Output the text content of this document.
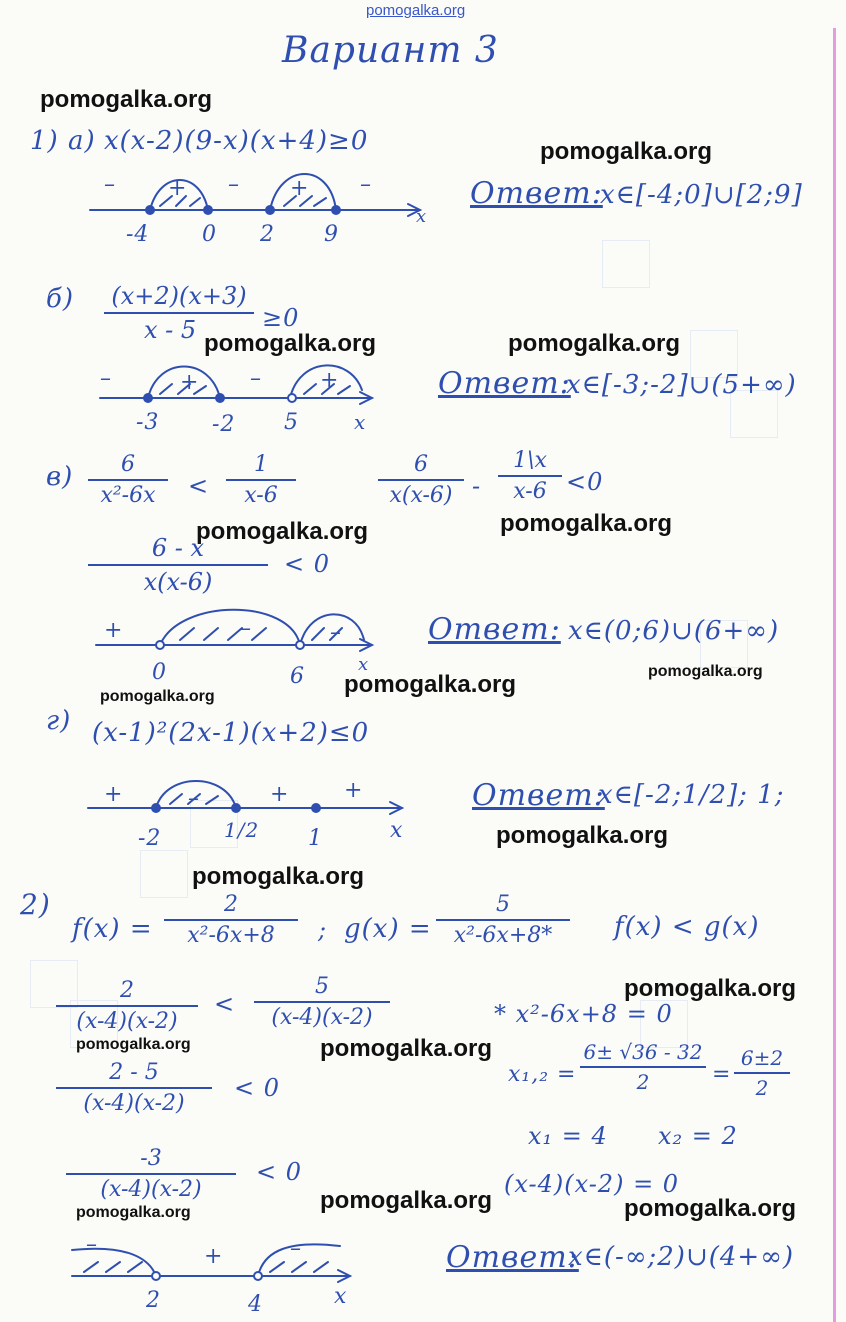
pomogalka.org
Вариант 3
pomogalka.org
pomogalka.org
pomogalka.org	pomogalka.org
pomogalka.org
pomogalka.org
pomogalka.org
pomogalka.org
pomogalka.org
pomogalka.org
pomogalka.org
pomogalka.org
pomogalka.org	pomogalka.org
pomogalka.org	pomogalka.org
pomogalka.org
1) а) x(x-2)(9-x)(x+4)≥0
– + – + –
-4 0 2 9
x
Ответ:
x∈[-4;0]∪[2;9]
б)	(x+2)(x+3)
x - 5	≥0
–	+ –	+
-3 -2 5	x
Ответ:
x∈[-3;-2]∪(5+∞)
в)	6
x²-6x	<
1
x-6
6
x(x-6) -
1\x
x-6 <0
6 - x
x(x-6)
< 0
+	–	–
0	6	x
Ответ: x∈(0;6)∪(6+∞)
г) (x-1)²(2x-1)(x+2)≤0
+	–	+ +
-2	1/2 1	x
Ответ:
x∈[-2;1/2]; 1;
2)
f(x) =
2
x²-6x+8	; g(x) =
5
x²-6x+8*	f(x) < g(x)
2
(x-4)(x-2)
<
5
(x-4)(x-2)
2 - 5
(x-4)(x-2)
< 0
-3
(x-4)(x-2)
< 0
* x²-6x+8 = 0
x₁,₂ =
6± √36 - 32
2	=
6±2
2
x₁ = 4 x₂ = 2
(x-4)(x-2) = 0
–	+	–
2	4	x
Ответ:
x∈(-∞;2)∪(4+∞)
